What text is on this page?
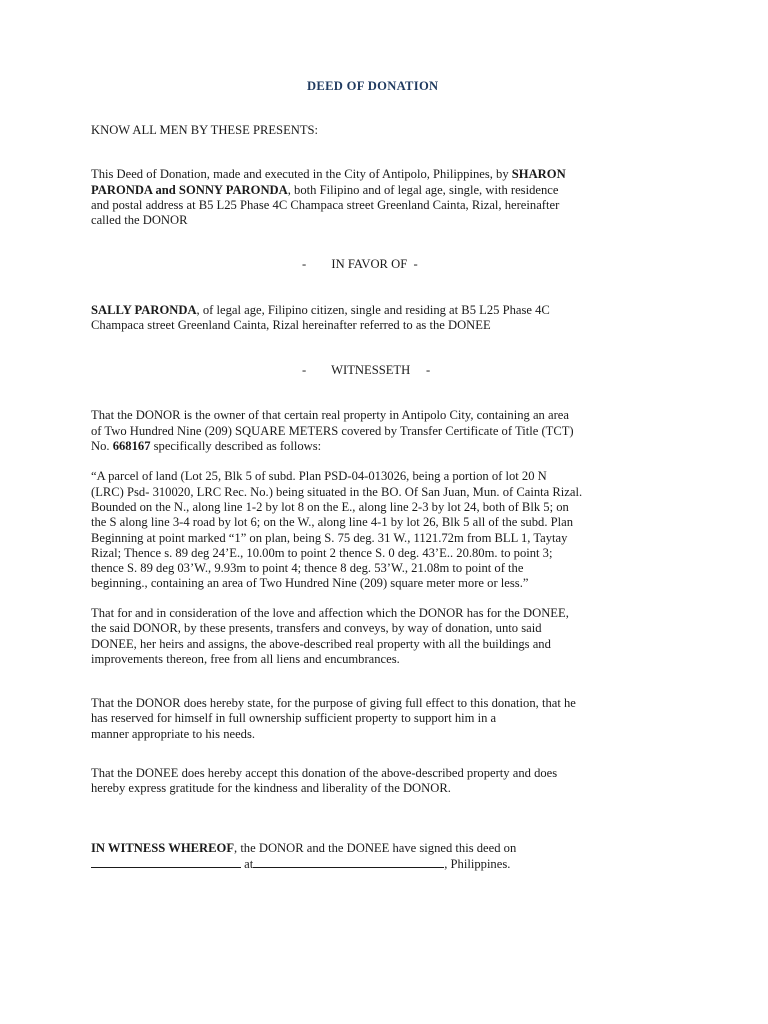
DEED OF DONATION
KNOW ALL MEN BY THESE PRESENTS:
This Deed of Donation, made and executed in the City of Antipolo, Philippines, by SHARON
PARONDA and SONNY PARONDA, both Filipino and of legal age, single, with residence
and postal address at B5 L25 Phase 4C Champaca street Greenland Cainta, Rizal, hereinafter
called the DONOR
-        IN FAVOR OF  -
SALLY PARONDA, of legal age, Filipino citizen, single and residing at B5 L25 Phase 4C
Champaca street Greenland Cainta, Rizal hereinafter referred to as the DONEE
-        WITNESSETH     -
That the DONOR is the owner of that certain real property in Antipolo City, containing an area
of Two Hundred Nine (209) SQUARE METERS covered by Transfer Certificate of Title (TCT)
No. 668167 specifically described as follows:
“A parcel of land (Lot 25, Blk 5 of subd. Plan PSD-04-013026, being a portion of lot 20 N
(LRC) Psd- 310020, LRC Rec. No.) being situated in the BO. Of San Juan, Mun. of Cainta Rizal.
Bounded on the N., along line 1-2 by lot 8 on the E., along line 2-3 by lot 24, both of Blk 5; on
the S along line 3-4 road by lot 6; on the W., along line 4-1 by lot 26, Blk 5 all of the subd. Plan
Beginning at point marked “1” on plan, being S. 75 deg. 31 W., 1121.72m from BLL 1, Taytay
Rizal; Thence s. 89 deg 24’E., 10.00m to point 2 thence S. 0 deg. 43’E.. 20.80m. to point 3;
thence S. 89 deg 03’W., 9.93m to point 4; thence 8 deg. 53’W., 21.08m to point of the
beginning., containing an area of Two Hundred Nine (209) square meter more or less.”
That for and in consideration of the love and affection which the DONOR has for the DONEE,
the said DONOR, by these presents, transfers and conveys, by way of donation, unto said
DONEE, her heirs and assigns, the above-described real property with all the buildings and
improvements thereon, free from all liens and encumbrances.
That the DONOR does hereby state, for the purpose of giving full effect to this donation, that he
has reserved for himself in full ownership sufficient property to support him in a
manner appropriate to his needs.
That the DONEE does hereby accept this donation of the above-described property and does
hereby express gratitude for the kindness and liberality of the DONOR.
IN WITNESS WHEREOF, the DONOR and the DONEE have signed this deed on
at	, Philippines.
